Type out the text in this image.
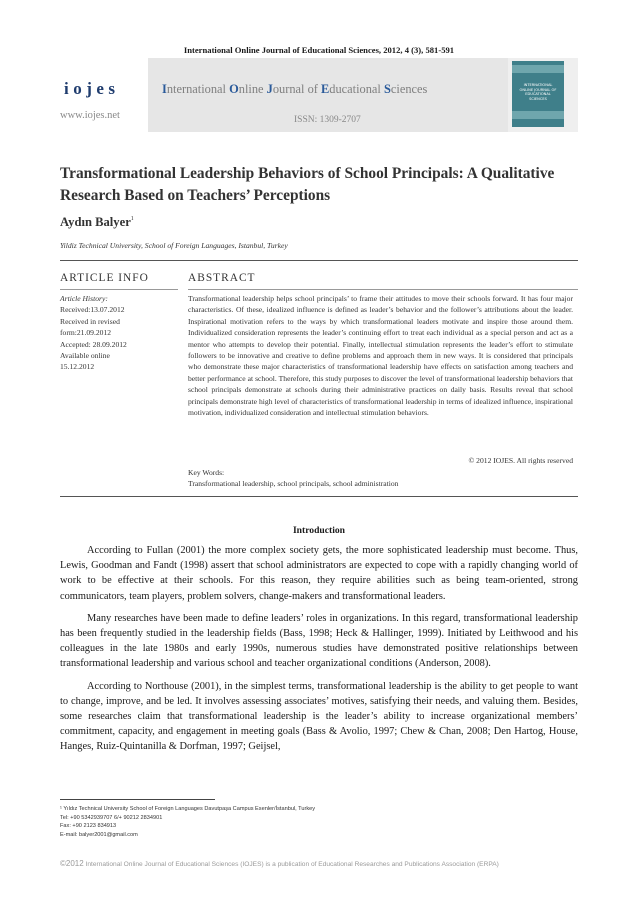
International Online Journal of Educational Sciences, 2012, 4 (3), 581-591
iojes
www.iojes.net
International Online Journal of Educational Sciences
ISSN: 1309-2707
INTERNATIONAL ONLINE JOURNAL OF EDUCATIONAL SCIENCES
Transformational Leadership Behaviors of School Principals: A Qualitative Research Based on Teachers’ Perceptions
Aydın Balyer$^1$
Yildiz Technical University, School of Foreign Languages, Istanbul, Turkey
ARTICLE INFO	ABSTRACT
Article History:
Received:13.07.2012
Received in revised
form:21.09.2012
Accepted: 28.09.2012
Available online
15.12.2012
Transformational leadership helps school principals’ to frame their attitudes to move their schools forward. It has four major characteristics. Of these, idealized influence is defined as leader’s behavior and the follower’s attributions about the leader. Inspirational motivation refers to the ways by which transformational leaders motivate and inspire those around them. Individualized consideration represents the leader’s continuing effort to treat each individual as a special person and act as a mentor who attempts to develop their potential. Finally, intellectual stimulation represents the leader’s effort to stimulate followers to be innovative and creative to define problems and approach them in new ways. It is considered that principals who demonstrate these major characteristics of transformational leadership have effects on satisfaction among teachers and better performance at school. Therefore, this study purposes to discover the level of transformational leadership behaviors that school principals demonstrate at schools during their administrative practices on daily basis. Results reveal that school principals demonstrate high level of characteristics of transformational leadership in terms of idealized influence, inspirational motivation, individualized consideration and intellectual stimulation behaviors.
© 2012 IOJES. All rights reserved
Key Words:
Transformational leadership, school principals, school administration
Introduction

According to Fullan (2001) the more complex society gets, the more sophisticated leadership must become. Thus, Lewis, Goodman and Fandt (1998) assert that school administrators are expected to cope with a rapidly changing world of work to be effective at their schools. For this reason, they require abilities such as being team-oriented, strong communicators, team players, problem solvers, change-makers and transformational leaders.

Many researches have been made to define leaders’ roles in organizations. In this regard, transformational leadership has been frequently studied in the leadership fields (Bass, 1998; Heck & Hallinger, 1999). Initiated by Leithwood and his colleagues in the late 1980s and early 1990s, numerous studies have demonstrated positive relationships between transformational leadership and various school and teacher organizational conditions (Anderson, 2008).

According to Northouse (2001), in the simplest terms, transformational leadership is the ability to get people to want to change, improve, and be led. It involves assessing associates’ motives, satisfying their needs, and valuing them. Besides, some researches claim that transformational leadership is the leader’s ability to increase organizational members’ commitment, capacity, and engagement in meeting goals (Bass & Avolio, 1997; Chew & Chan, 2008; Den Hartog, House, Hanges, Ruiz-Quintanilla & Dorfman, 1997; Geijsel,

¹ Yıldız Technical University School of Foreign Languages Davutpaşa Campus Esenler/İstanbul, Turkey
Tel: +90 5342939707 6/+ 90212 2834901
Fax: +90 2123 834913
E-mail: balyer2001@gmail.com
©2012 International Online Journal of Educational Sciences (IOJES) is a publication of Educational Researches and Publications Association (ERPA)
